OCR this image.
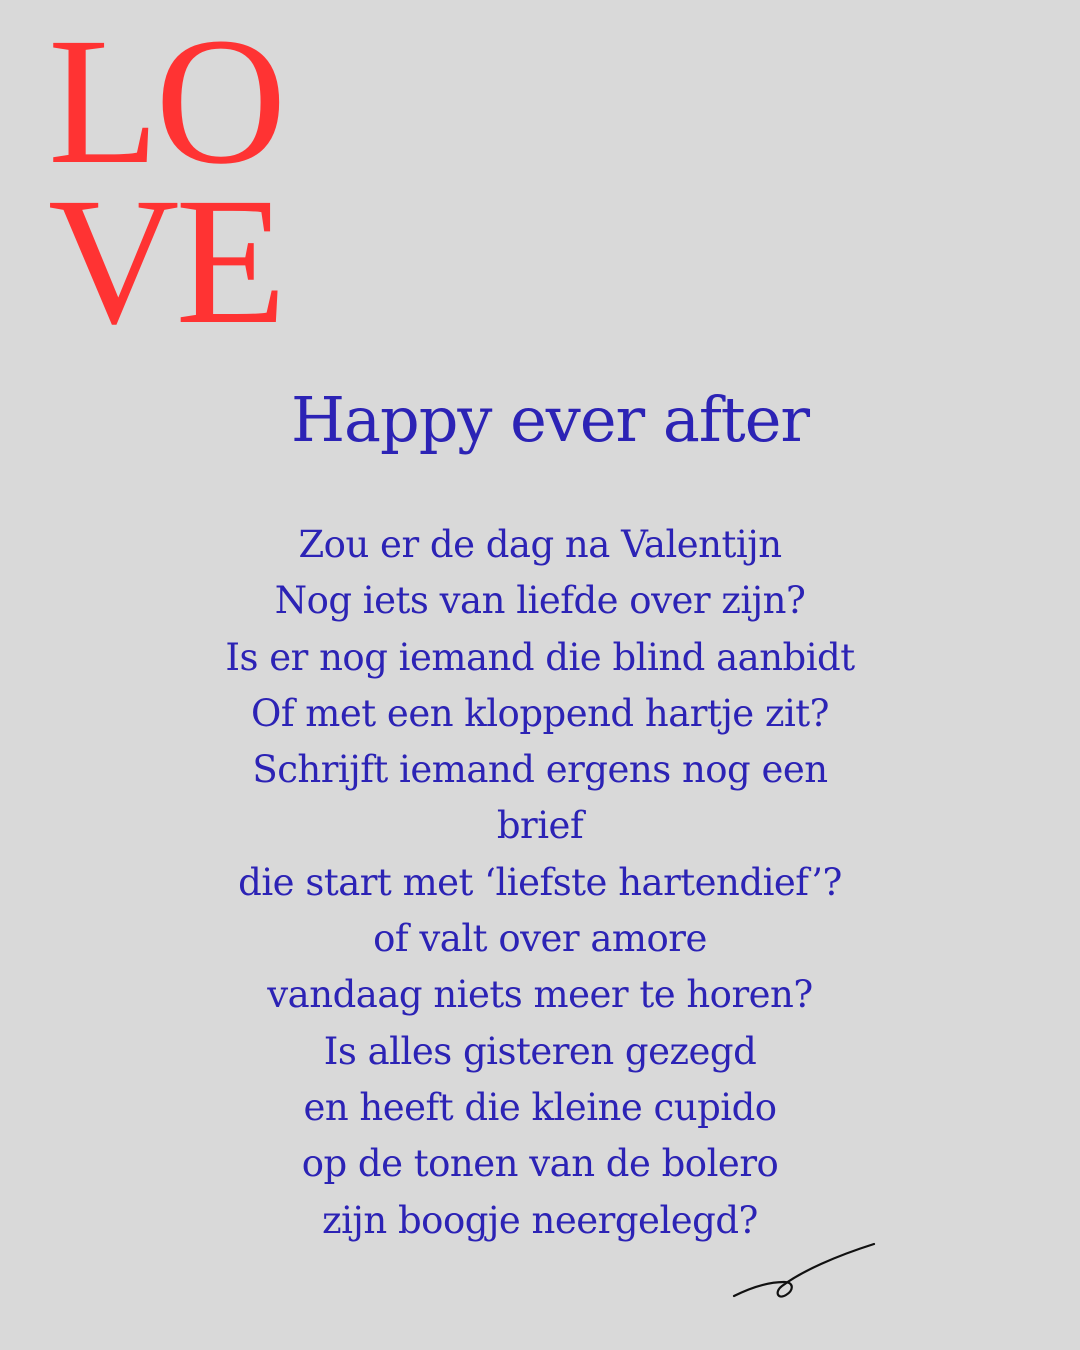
LO
VE
Happy ever after
Zou er de dag na Valentijn
Nog iets van liefde over zijn?
Is er nog iemand die blind aanbidt
Of met een kloppend hartje zit?
Schrijft iemand ergens nog een
brief
die start met ‘liefste hartendief’?
of valt over amore
vandaag niets meer te horen?
Is alles gisteren gezegd
en heeft die kleine cupido
op de tonen van de bolero
zijn boogje neergelegd?
